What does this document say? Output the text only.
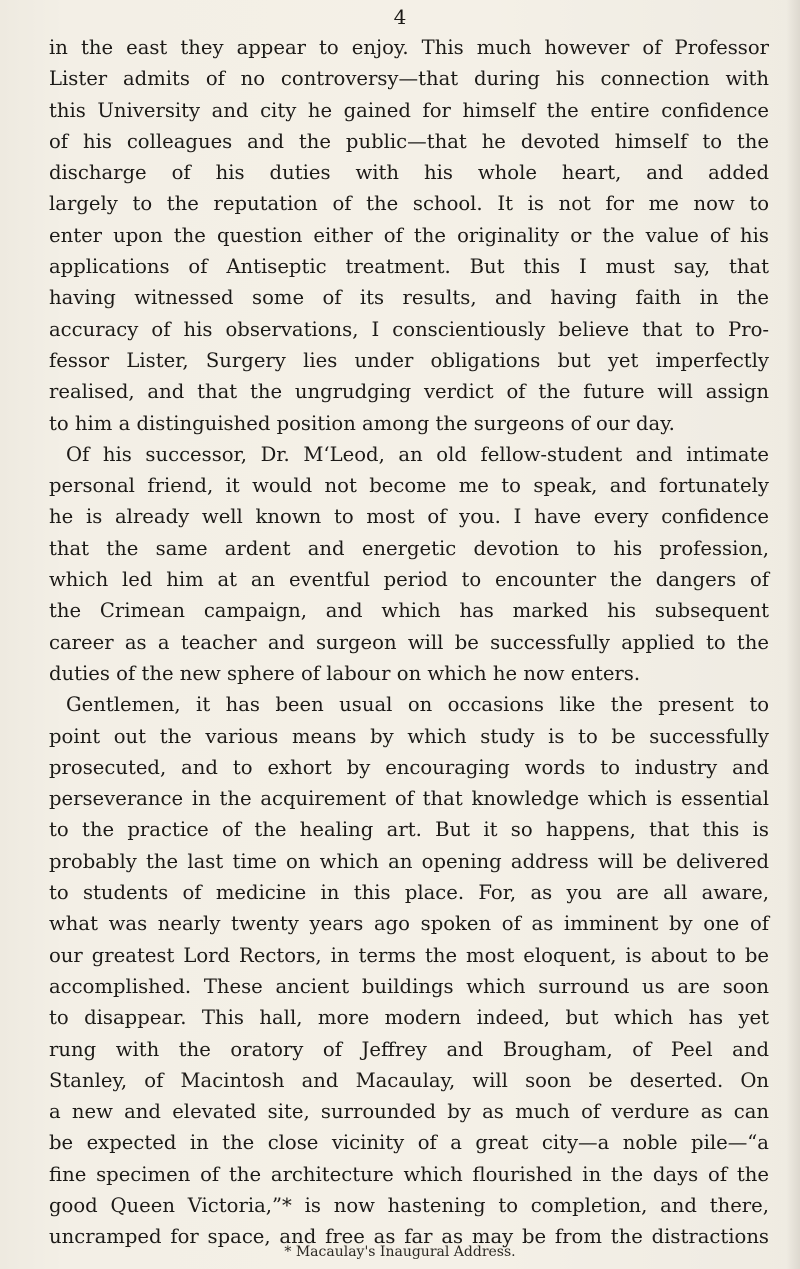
4
in the east they appear to enjoy. This much however of Professor
Lister admits of no controversy—that during his connection with
this University and city he gained for himself the entire confidence
of his colleagues and the public—that he devoted himself to the
discharge of his duties with his whole heart, and added
largely to the reputation of the school. It is not for me now to
enter upon the question either of the originality or the value of his
applications of Antiseptic treatment. But this I must say, that
having witnessed some of its results, and having faith in the
accuracy of his observations, I conscientiously believe that to Pro-
fessor Lister, Surgery lies under obligations but yet imperfectly
realised, and that the ungrudging verdict of the future will assign
to him a distinguished position among the surgeons of our day.
Of his successor, Dr. M‘Leod, an old fellow-student and intimate
personal friend, it would not become me to speak, and fortunately
he is already well known to most of you. I have every confidence
that the same ardent and energetic devotion to his profession,
which led him at an eventful period to encounter the dangers of
the Crimean campaign, and which has marked his subsequent
career as a teacher and surgeon will be successfully applied to the
duties of the new sphere of labour on which he now enters.
Gentlemen, it has been usual on occasions like the present to
point out the various means by which study is to be successfully
prosecuted, and to exhort by encouraging words to industry and
perseverance in the acquirement of that knowledge which is essential
to the practice of the healing art. But it so happens, that this is
probably the last time on which an opening address will be delivered
to students of medicine in this place. For, as you are all aware,
what was nearly twenty years ago spoken of as imminent by one of
our greatest Lord Rectors, in terms the most eloquent, is about to be
accomplished. These ancient buildings which surround us are soon
to disappear. This hall, more modern indeed, but which has yet
rung with the oratory of Jeffrey and Brougham, of Peel and
Stanley, of Macintosh and Macaulay, will soon be deserted. On
a new and elevated site, surrounded by as much of verdure as can
be expected in the close vicinity of a great city—a noble pile—“a
fine specimen of the architecture which flourished in the days of the
good Queen Victoria,”* is now hastening to completion, and there,
uncramped for space, and free as far as may be from the distractions
* Macaulay's Inaugural Address.
